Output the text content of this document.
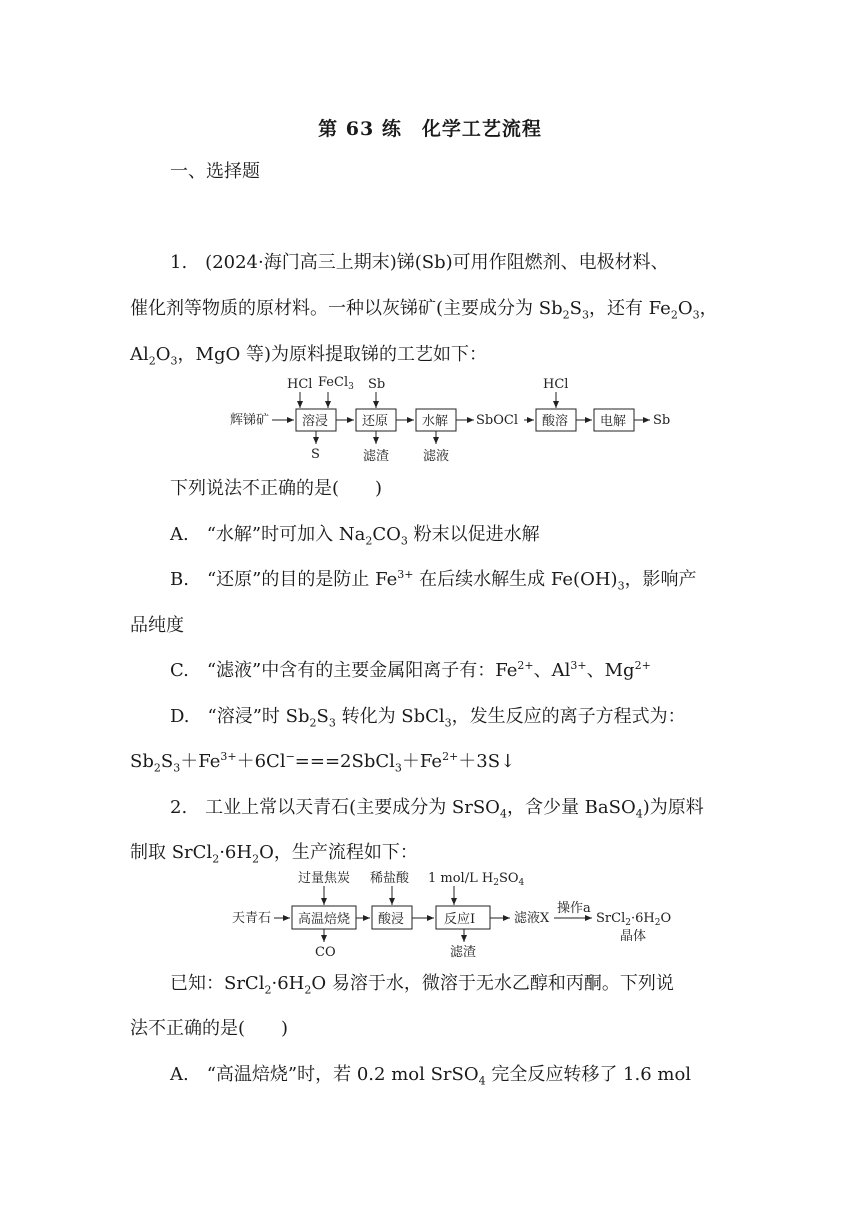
第 63 练　化学工艺流程
一、选择题
1.　(2024·海门高三上期末)锑(Sb)可用作阻燃剂、电极材料、
催化剂等物质的原材料。一种以灰锑矿(主要成分为 $Sb_2S_3$，还有 $Fe_2O_3$，
$Al_2O_3$，MgO 等)为原料提取锑的工艺如下：
辉锑矿	溶浸
HCl FeCl$_3$
S
还原
Sb
滤渣
水解
滤液
SbOCl 酸溶
HCl
电解 Sb
下列说法不正确的是(　　)
A.　“水解”时可加入 $Na_2CO_3$ 粉末以促进水解
B.　“还原”的目的是防止 $Fe^{3+}$ 在后续水解生成 $Fe(OH)_3$，影响产
品纯度
C.　“滤液”中含有的主要金属阳离子有：$Fe^{2+}$、$Al^{3+}$、$Mg^{2+}$
D.　“溶浸”时 $Sb_2S_3$ 转化为 SbCl$_3$，发生反应的离子方程式为：
$Sb_2S_3+Fe^{3+}+6Cl^-===2SbCl_3+Fe^{2+}+3S↓$
2.　工业上常以天青石(主要成分为 SrSO$_4$，含少量 BaSO$_4$)为原料
制取 $SrCl_2\cdot 6H_2O$，生产流程如下：
天青石 高温焙烧
过量焦炭
CO
酸浸
稀盐酸
反应Ⅰ
1 mol/L $H_2SO_4$
滤渣
滤液X
操作a
$SrCl_2\cdot 6H_2O$
晶体
已知：$SrCl_2\cdot 6H_2O$ 易溶于水，微溶于无水乙醇和丙酮。下列说
法不正确的是(　　)
A.　“高温焙烧”时，若 0.2 mol SrSO$_4$ 完全反应转移了 1.6 mol
